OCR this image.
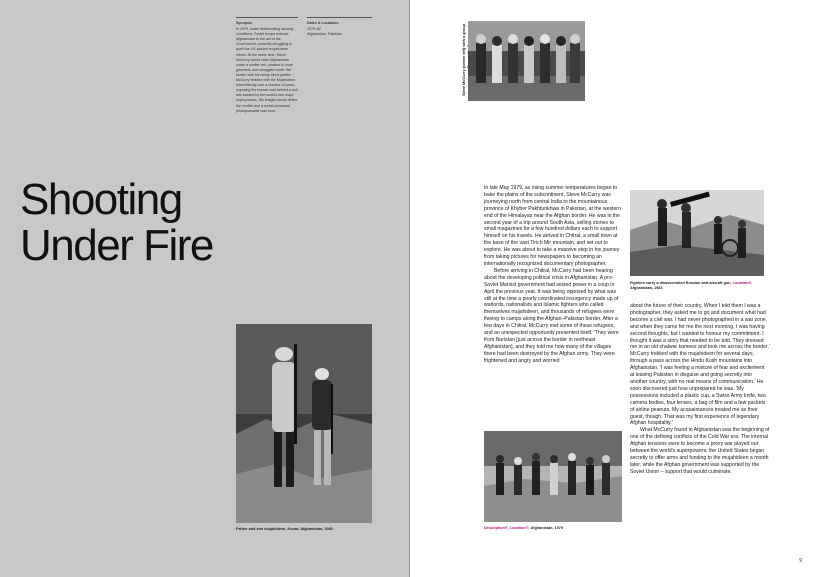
Synopsis
In 1979, under deteriorating security conditions, Soviet troops entered Afghanistan to the aid of the Government, currently struggling to quell the US-backed mujahideen rebels. At the same time, Steve McCurry would enter Afghanistan under a similar veil, cloaked in local garments and smuggled under the border with his newly-hired guides. McCurry trekked with the Mujahideen intermittently over a number of years, exposing the human cost behind a civil war backed by the world's two major superpowers. His images would define the conflict and a world-renowned photojournalist was born.
Dates & Locations
1979–82
Afghanistan, Pakistan
Shooting
Under Fire
Father and son mujahideen, Kunar, Afghanistan, 1980
Steve McCurry (centre left) with a group

Fighters carry a disassembled Russian anti-aircraft gun, Location®, Afghanistan, 1983

In late May 1979, as rising summer temperatures began to bake the plains of the subcontinent, Steve McCurry was journeying north from central India to the mountainous province of Khyber Pakhtunkhwa in Pakistan, at the western end of the Himalayas near the Afghan border. He was in the second year of a trip around South Asia, selling stories to small magazines for a few hundred dollars each to support himself on his travels. He arrived in Chitral, a small town at the base of the vast Tirich Mir mountain, and set out to explore. He was about to take a massive step in his journey from taking pictures for newspapers to becoming an internationally recognized documentary photographer.

Before arriving in Chitral, McCurry had been hearing about the developing political crisis in Afghanistan. A pro-Soviet Marxist government had seized power in a coup in April the previous year. It was being opposed by what was still at the time a poorly coordinated insurgency made up of warlords, nationalists and Islamic fighters who called themselves mujahideen, and thousands of refugees were fleeing to camps along the Afghan–Pakistan border. After a few days in Chitral, McCurry met some of these refugees, and an unexpected opportunity presented itself. 'They were from Nuristan [just across the border in northeast Afghanistan], and they told me how many of the villages there had been destroyed by the Afghan army. They were frightened and angry and worried

about the future of their country. When I told them I was a photographer, they asked me to go and document what had become a civil war. I had never photographed in a war zone, and when they came for me the next morning, I was having second thoughts, but I wanted to honour my commitment. I thought it was a story that needed to be told. They dressed me in an old shalwar kameez and took me across the border.' McCurry trekked with the mujahideen for several days, through a pass across the Hindu Kush mountains into Afghanistan. 'I was feeling a mixture of fear and excitement at leaving Pakistan in disguise and going secretly into another country, with no real means of communication.' He soon discovered just how unprepared he was. 'My possessions included a plastic cup, a Swiss Army knife, two camera bodies, four lenses, a bag of film and a few packets of airline peanuts. My acquaintances treated me as their guest, though. That was my first experience of legendary Afghan hospitality.'

What McCurry found in Afghanistan was the beginning of one of the defining conflicts of the Cold War era. The internal Afghan tensions were to become a proxy war played out between the world's superpowers: the United States began secretly to offer arms and funding to the mujahideen a month later, while the Afghan government was supported by the Soviet Union – support that would culminate,

Description®, Location®, Afghanistan, 1979
9
